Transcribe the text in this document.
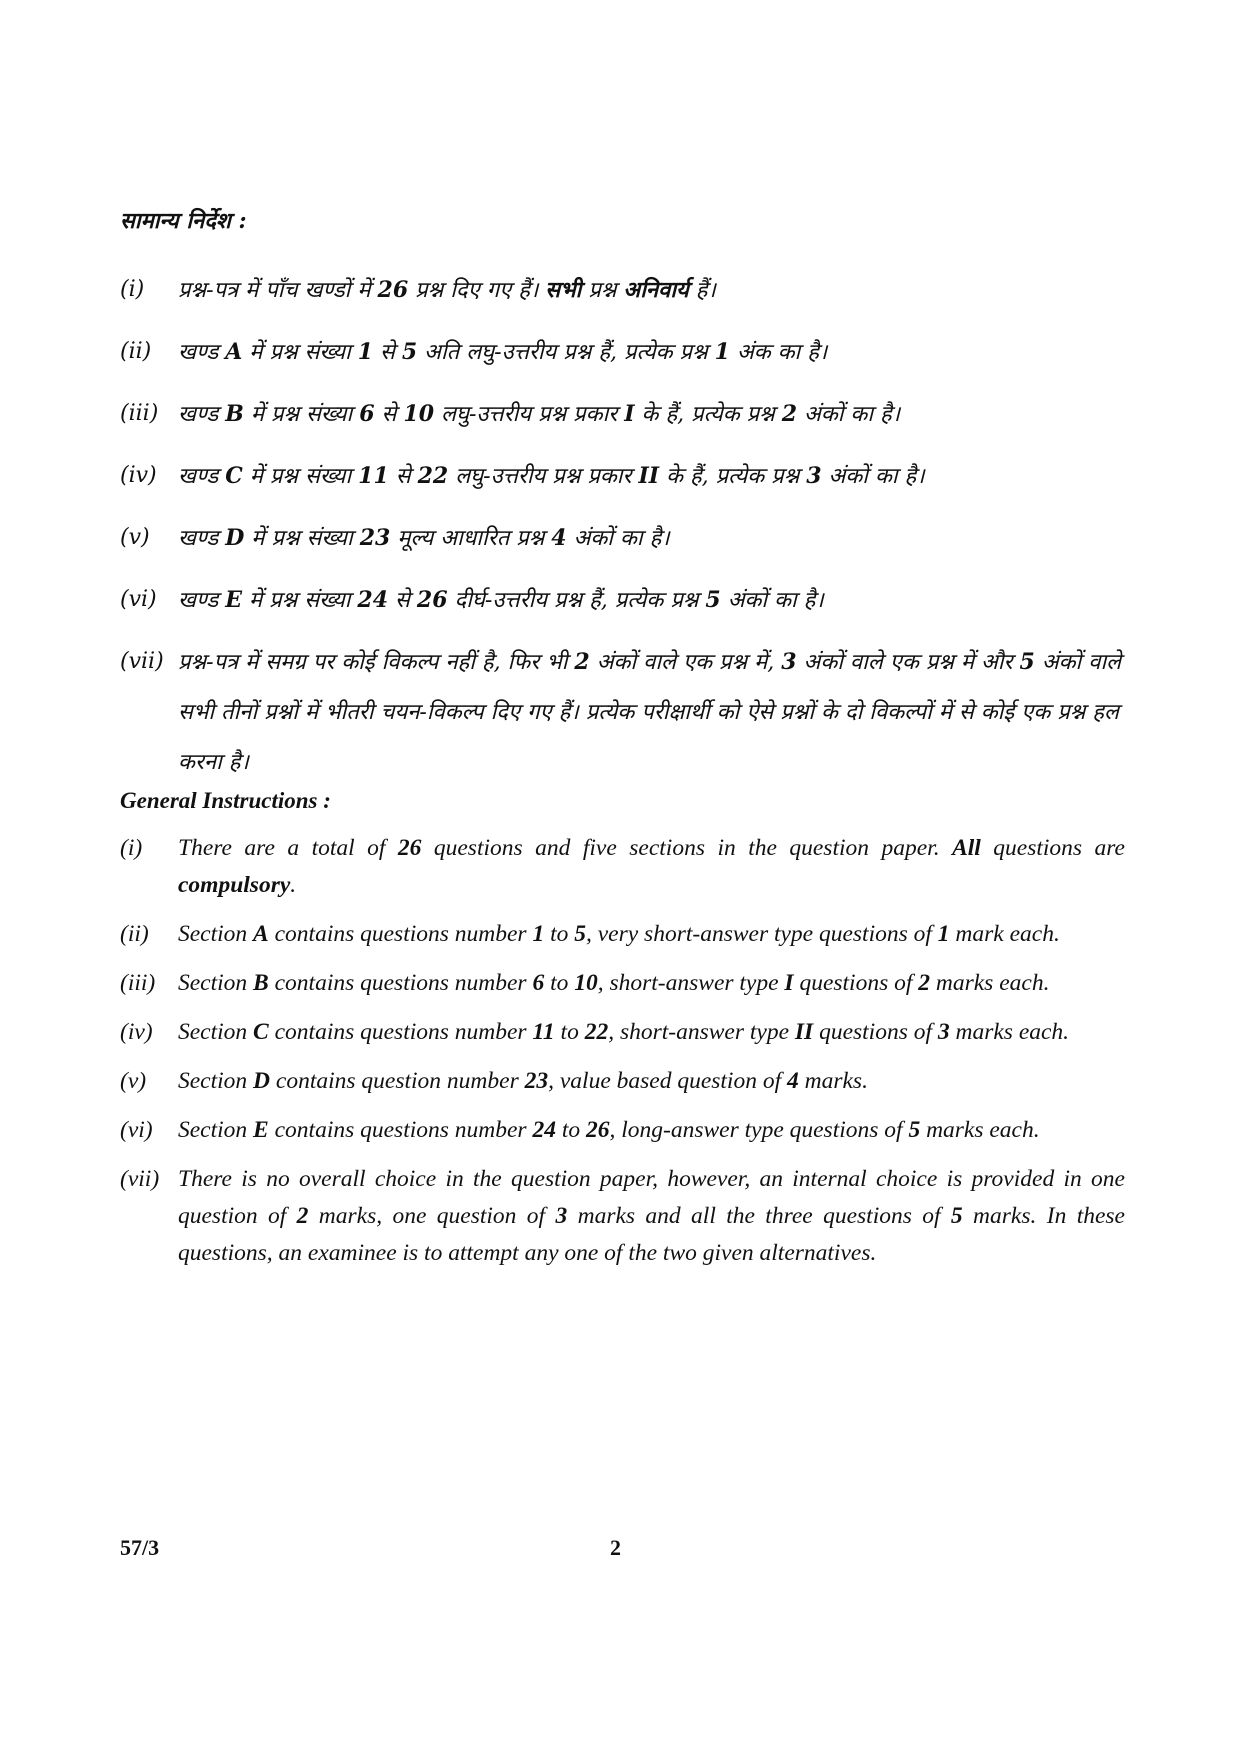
सामान्य निर्देश :
(i) प्रश्न-पत्र में पाँच खण्डों में 26 प्रश्न दिए गए हैं। सभी प्रश्न अनिवार्य हैं।
(ii) खण्ड A में प्रश्न संख्या 1 से 5 अति लघु-उत्तरीय प्रश्न हैं, प्रत्येक प्रश्न 1 अंक का है।
(iii) खण्ड B में प्रश्न संख्या 6 से 10 लघु-उत्तरीय प्रश्न प्रकार I के हैं, प्रत्येक प्रश्न 2 अंकों का है।
(iv) खण्ड C में प्रश्न संख्या 11 से 22 लघु-उत्तरीय प्रश्न प्रकार II के हैं, प्रत्येक प्रश्न 3 अंकों का है।
(v) खण्ड D में प्रश्न संख्या 23 मूल्य आधारित प्रश्न 4 अंकों का है।
(vi) खण्ड E में प्रश्न संख्या 24 से 26 दीर्घ-उत्तरीय प्रश्न हैं, प्रत्येक प्रश्न 5 अंकों का है।
(vii) प्रश्न-पत्र में समग्र पर कोई विकल्प नहीं है, फिर भी 2 अंकों वाले एक प्रश्न में, 3 अंकों वाले एक प्रश्न में और 5 अंकों वाले सभी तीनों प्रश्नों में भीतरी चयन-विकल्प दिए गए हैं। प्रत्येक परीक्षार्थी को ऐसे प्रश्नों के दो विकल्पों में से कोई एक प्रश्न हल करना है।
General Instructions :
(i) There are a total of 26 questions and five sections in the question paper. All questions are compulsory.
(ii) Section A contains questions number 1 to 5, very short-answer type questions of 1 mark each.
(iii) Section B contains questions number 6 to 10, short-answer type I questions of 2 marks each.
(iv) Section C contains questions number 11 to 22, short-answer type II questions of 3 marks each.
(v) Section D contains question number 23, value based question of 4 marks.
(vi) Section E contains questions number 24 to 26, long-answer type questions of 5 marks each.
(vii) There is no overall choice in the question paper, however, an internal choice is provided in one question of 2 marks, one question of 3 marks and all the three questions of 5 marks. In these questions, an examinee is to attempt any one of the two given alternatives.
57/3	2
